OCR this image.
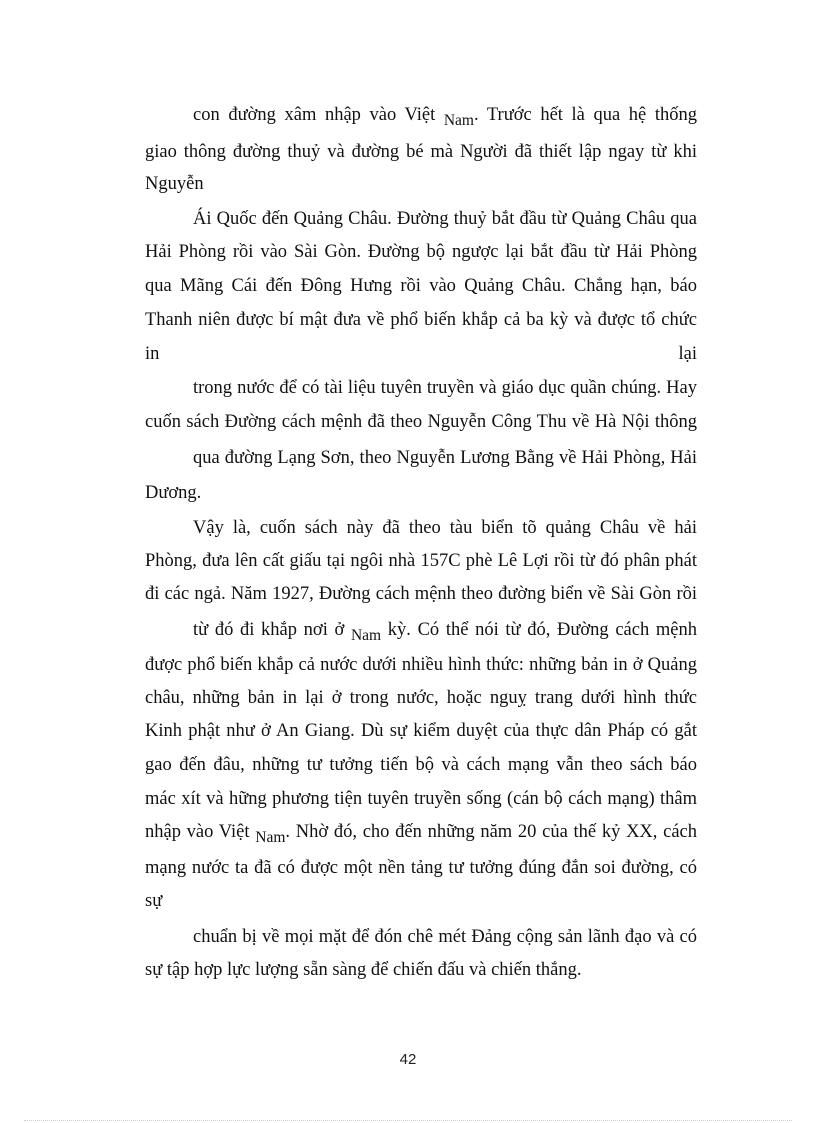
con đường xâm nhập vào Việt $_{Nam}$. Trước hết là qua hệ thống
giao thông đường thuỷ và đường bé mà Người đã thiết lập ngay từ khi
Nguyễn
Ái Quốc đến Quảng Châu. Đường thuỷ bắt đầu từ Quảng Châu qua
Hải Phòng rồi vào Sài Gòn. Đường bộ ngược lại bắt đầu từ Hải Phòng
qua Mãng Cái đến Đông Hưng rồi vào Quảng Châu. Chẳng hạn, báo
Thanh niên được bí mật đưa về phổ biến khắp cả ba kỳ và được tổ chức
in	lại
trong nước để có tài liệu tuyên truyền và giáo dục quần chúng. Hay
cuốn sách Đường cách mệnh đã theo Nguyễn Công Thu về Hà Nội thông
qua đường Lạng Sơn, theo Nguyễn Lương Bằng về Hải Phòng, Hải
Dương.
Vậy là, cuốn sách này đã theo tàu biển tõ quảng Châu về hải
Phòng, đưa lên cất giấu tại ngôi nhà 157C phè Lê Lợi rồi từ đó phân phát
đi các ngả. Năm 1927, Đường cách mệnh theo đường biển về Sài Gòn rồi
từ đó đi khắp nơi ở $_{Nam}$ kỳ. Có thể nói từ đó, Đường cách mệnh
được phổ biến khắp cả nước dưới nhiều hình thức: những bản in ở Quảng
châu, những bản in lại ở trong nước, hoặc nguỵ trang dưới hình thức
Kinh phật như ở An Giang. Dù sự kiểm duyệt của thực dân Pháp có gắt
gao đến đâu, những tư tưởng tiến bộ và cách mạng vẫn theo sách báo
mác xít và hững phương tiện tuyên truyền sống (cán bộ cách mạng) thâm
nhập vào Việt $_{Nam}$. Nhờ đó, cho đến những năm 20 của thế kỷ XX, cách
mạng nước ta đã có được một nền tảng tư tưởng đúng đắn soi đường, có
sự
chuẩn bị về mọi mặt để đón chê mét Đảng cộng sản lãnh đạo và có
sự tập hợp lực lượng sẵn sàng để chiến đấu và chiến thắng.
42
